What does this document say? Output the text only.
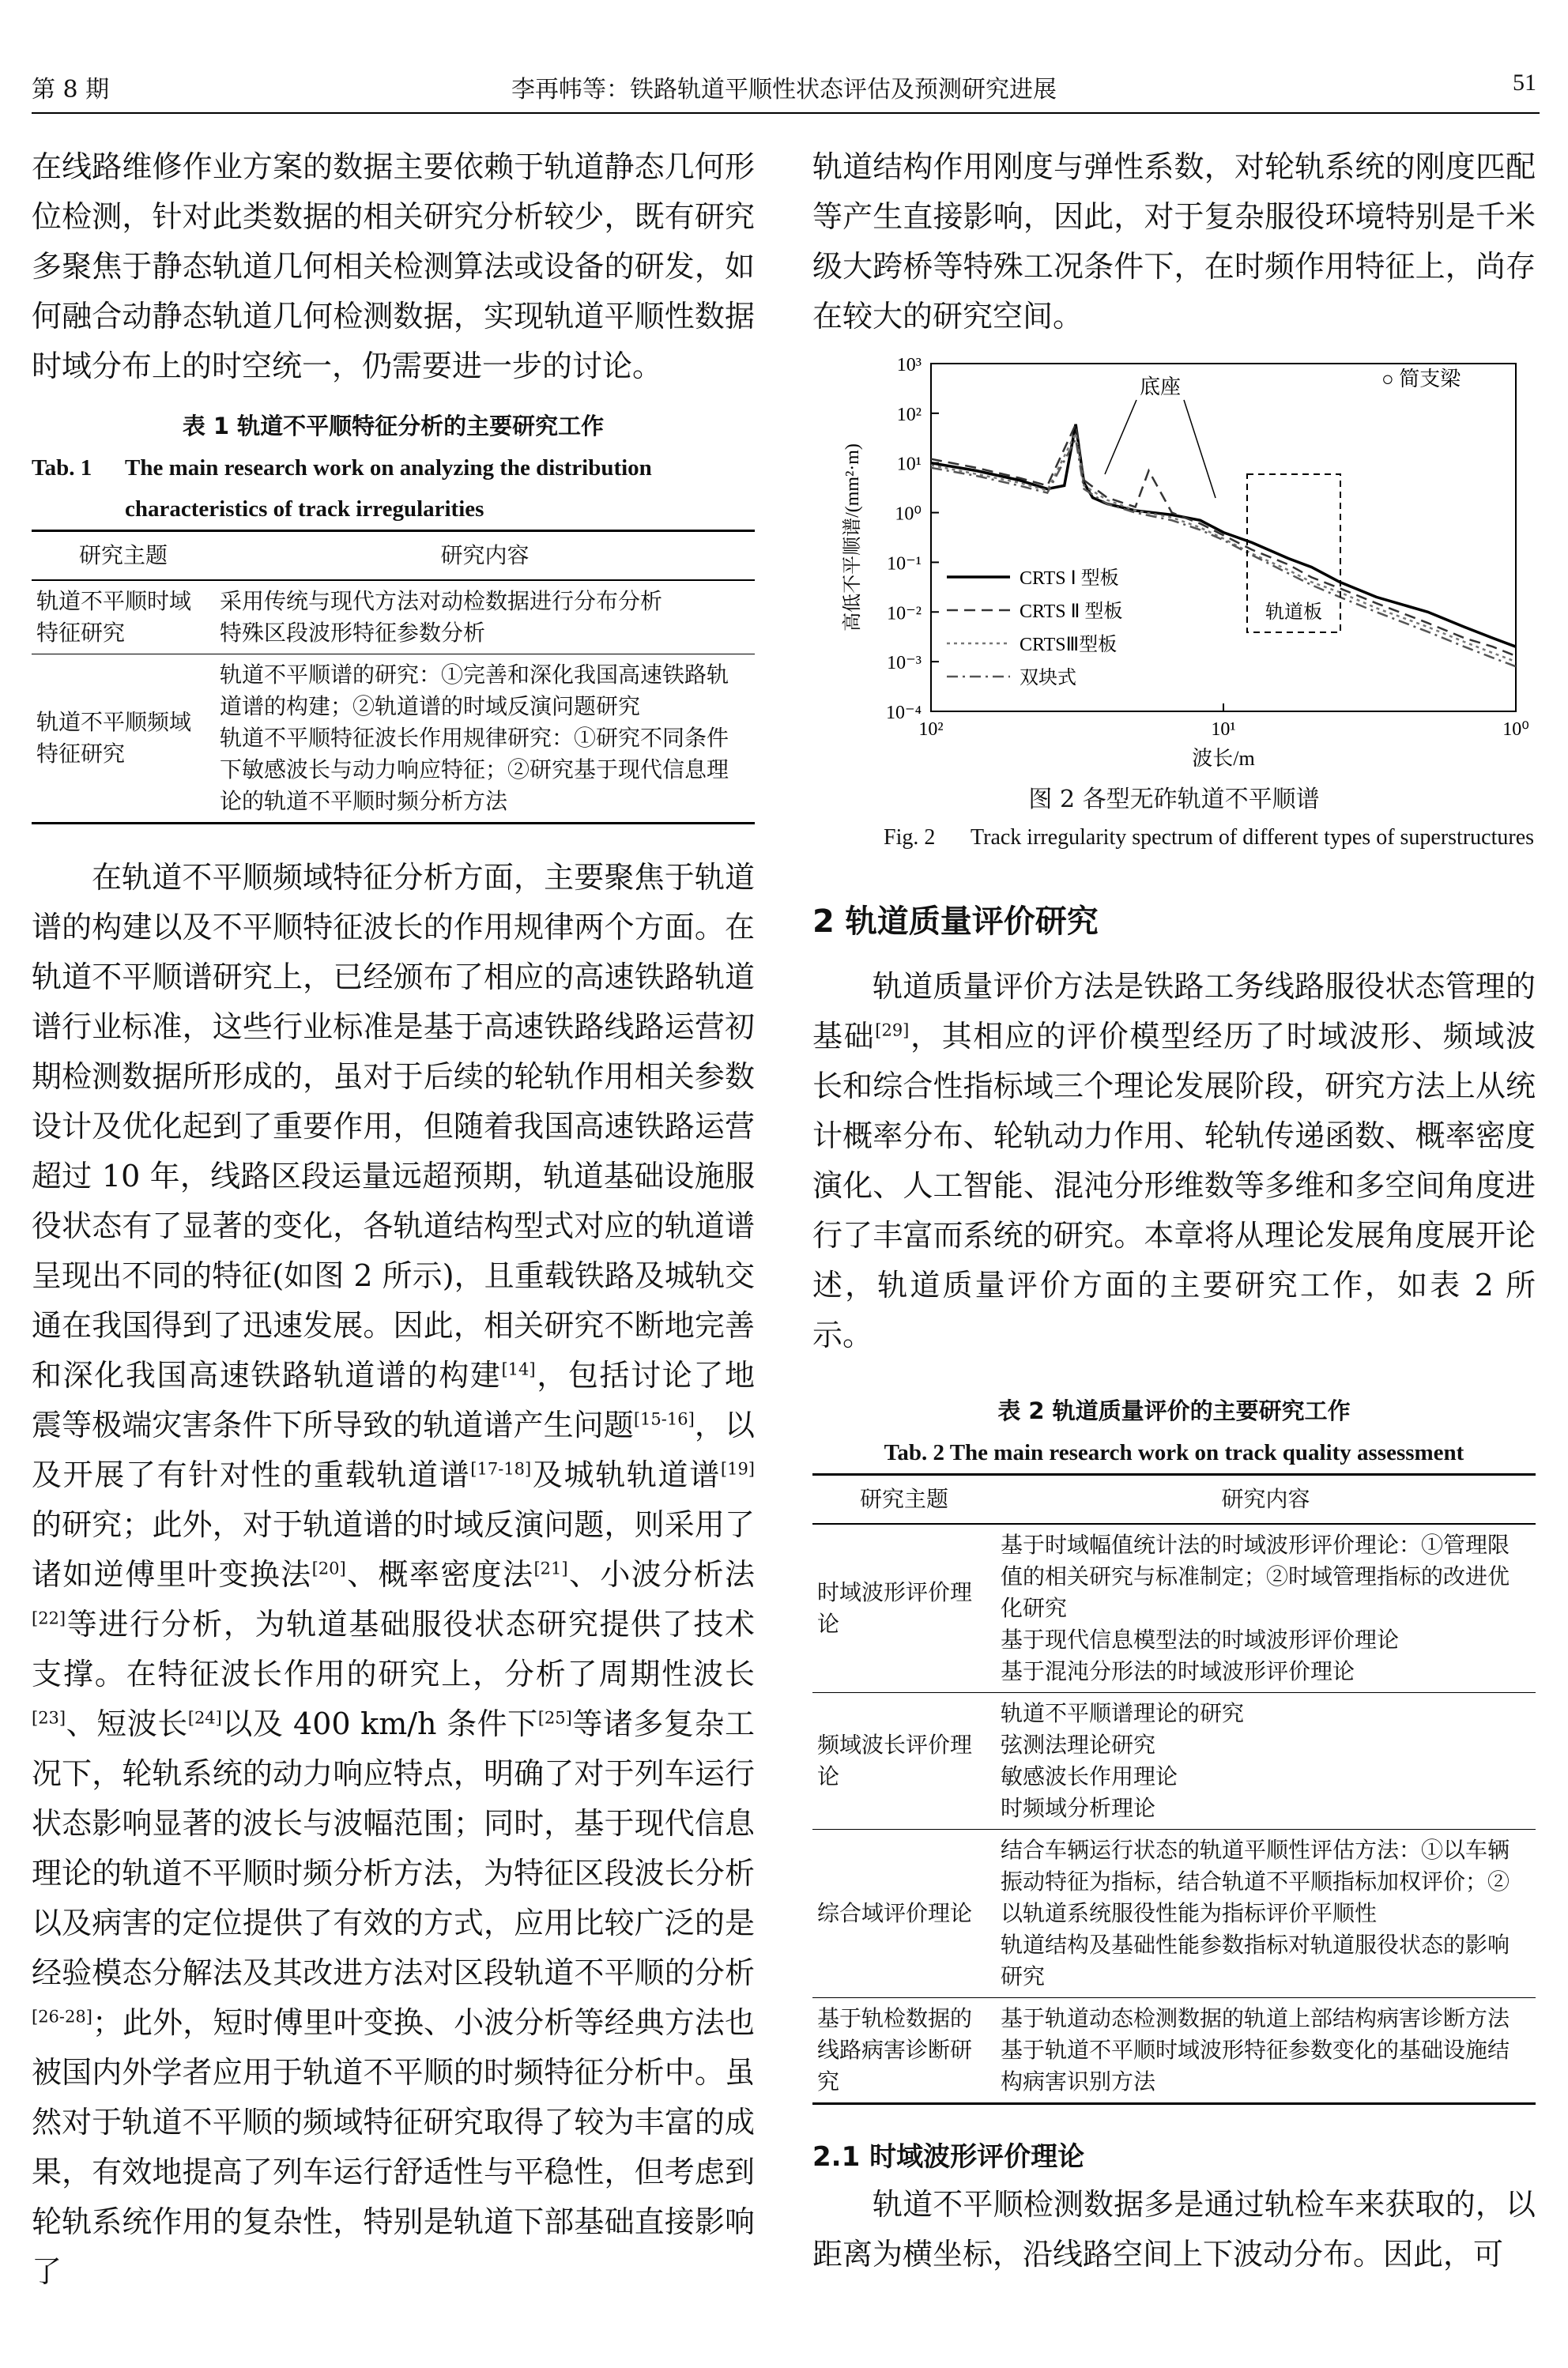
第 8 期	李再帏等：铁路轨道平顺性状态评估及预测研究进展	51

在线路维修作业方案的数据主要依赖于轨道静态几何形位检测，针对此类数据的相关研究分析较少，既有研究多聚焦于静态轨道几何相关检测算法或设备的研发，如何融合动静态轨道几何检测数据，实现轨道平顺性数据时域分布上的时空统一，仍需要进一步的讨论。

表 1 轨道不平顺特征分析的主要研究工作
Tab. 1	The main research work on analyzing the distribution characteristics of track irregularities
研究主题	研究内容
轨道不平顺时域特征研究	采用传统与现代方法对动检数据进行分布分析
特殊区段波形特征参数分析
轨道不平顺频域特征研究	轨道不平顺谱的研究：①完善和深化我国高速铁路轨道谱的构建；②轨道谱的时域反演问题研究
轨道不平顺特征波长作用规律研究：①研究不同条件下敏感波长与动力响应特征；②研究基于现代信息理论的轨道不平顺时频分析方法

在轨道不平顺频域特征分析方面，主要聚焦于轨道谱的构建以及不平顺特征波长的作用规律两个方面。在轨道不平顺谱研究上，已经颁布了相应的高速铁路轨道谱行业标准，这些行业标准是基于高速铁路线路运营初期检测数据所形成的，虽对于后续的轮轨作用相关参数设计及优化起到了重要作用，但随着我国高速铁路运营超过 10 年，线路区段运量远超预期，轨道基础设施服役状态有了显著的变化，各轨道结构型式对应的轨道谱呈现出不同的特征(如图 2 所示)，且重载铁路及城轨交通在我国得到了迅速发展。因此，相关研究不断地完善和深化我国高速铁路轨道谱的构建[14]，包括讨论了地震等极端灾害条件下所导致的轨道谱产生问题[15-16]，以及开展了有针对性的重载轨道谱[17-18]及城轨轨道谱[19]的研究；此外，对于轨道谱的时域反演问题，则采用了诸如逆傅里叶变换法[20]、概率密度法[21]、小波分析法[22]等进行分析，为轨道基础服役状态研究提供了技术支撑。在特征波长作用的研究上，分析了周期性波长[23]、短波长[24]以及 400 km/h 条件下[25]等诸多复杂工况下，轮轨系统的动力响应特点，明确了对于列车运行状态影响显著的波长与波幅范围；同时，基于现代信息理论的轨道不平顺时频分析方法，为特征区段波长分析以及病害的定位提供了有效的方式，应用比较广泛的是经验模态分解法及其改进方法对区段轨道不平顺的分析[26-28]；此外，短时傅里叶变换、小波分析等经典方法也被国内外学者应用于轨道不平顺的时频特征分析中。虽然对于轨道不平顺的频域特征研究取得了较为丰富的成果，有效地提高了列车运行舒适性与平稳性，但考虑到轮轨系统作用的复杂性，特别是轨道下部基础直接影响了

轨道结构作用刚度与弹性系数，对轮轨系统的刚度匹配等产生直接影响，因此，对于复杂服役环境特别是千米级大跨桥等特殊工况条件下，在时频作用特征上，尚存在较大的研究空间。

10³
10²
10¹
10⁰
10⁻¹
10⁻²
10⁻³
10⁻⁴
10²	10¹	10⁰
波长/m
高低不平顺谱/(mm²·m)	CRTS Ⅰ 型板
CRTS Ⅱ 型板
CRTSⅢ型板
双块式
底座	○ 简支梁
轨道板
图 2 各型无砟轨道不平顺谱
Fig. 2	Track irregularity spectrum of different types of superstructures
2 轨道质量评价研究

轨道质量评价方法是铁路工务线路服役状态管理的基础[29]，其相应的评价模型经历了时域波形、频域波长和综合性指标域三个理论发展阶段，研究方法上从统计概率分布、轮轨动力作用、轮轨传递函数、概率密度演化、人工智能、混沌分形维数等多维和多空间角度进行了丰富而系统的研究。本章将从理论发展角度展开论述，轨道质量评价方面的主要研究工作，如表 2 所示。

表 2 轨道质量评价的主要研究工作
Tab. 2 The main research work on track quality assessment
研究主题	研究内容
时域波形评价理论	基于时域幅值统计法的时域波形评价理论：①管理限值的相关研究与标准制定；②时域管理指标的改进优化研究
基于现代信息模型法的时域波形评价理论
基于混沌分形法的时域波形评价理论
频域波长评价理论	轨道不平顺谱理论的研究
弦测法理论研究
敏感波长作用理论
时频域分析理论
综合域评价理论	结合车辆运行状态的轨道平顺性评估方法：①以车辆振动特征为指标，结合轨道不平顺指标加权评价；②以轨道系统服役性能为指标评价平顺性
轨道结构及基础性能参数指标对轨道服役状态的影响研究
基于轨检数据的线路病害诊断研究	基于轨道动态检测数据的轨道上部结构病害诊断方法
基于轨道不平顺时域波形特征参数变化的基础设施结构病害识别方法
2.1 时域波形评价理论

轨道不平顺检测数据多是通过轨检车来获取的，以距离为横坐标，沿线路空间上下波动分布。因此，可
